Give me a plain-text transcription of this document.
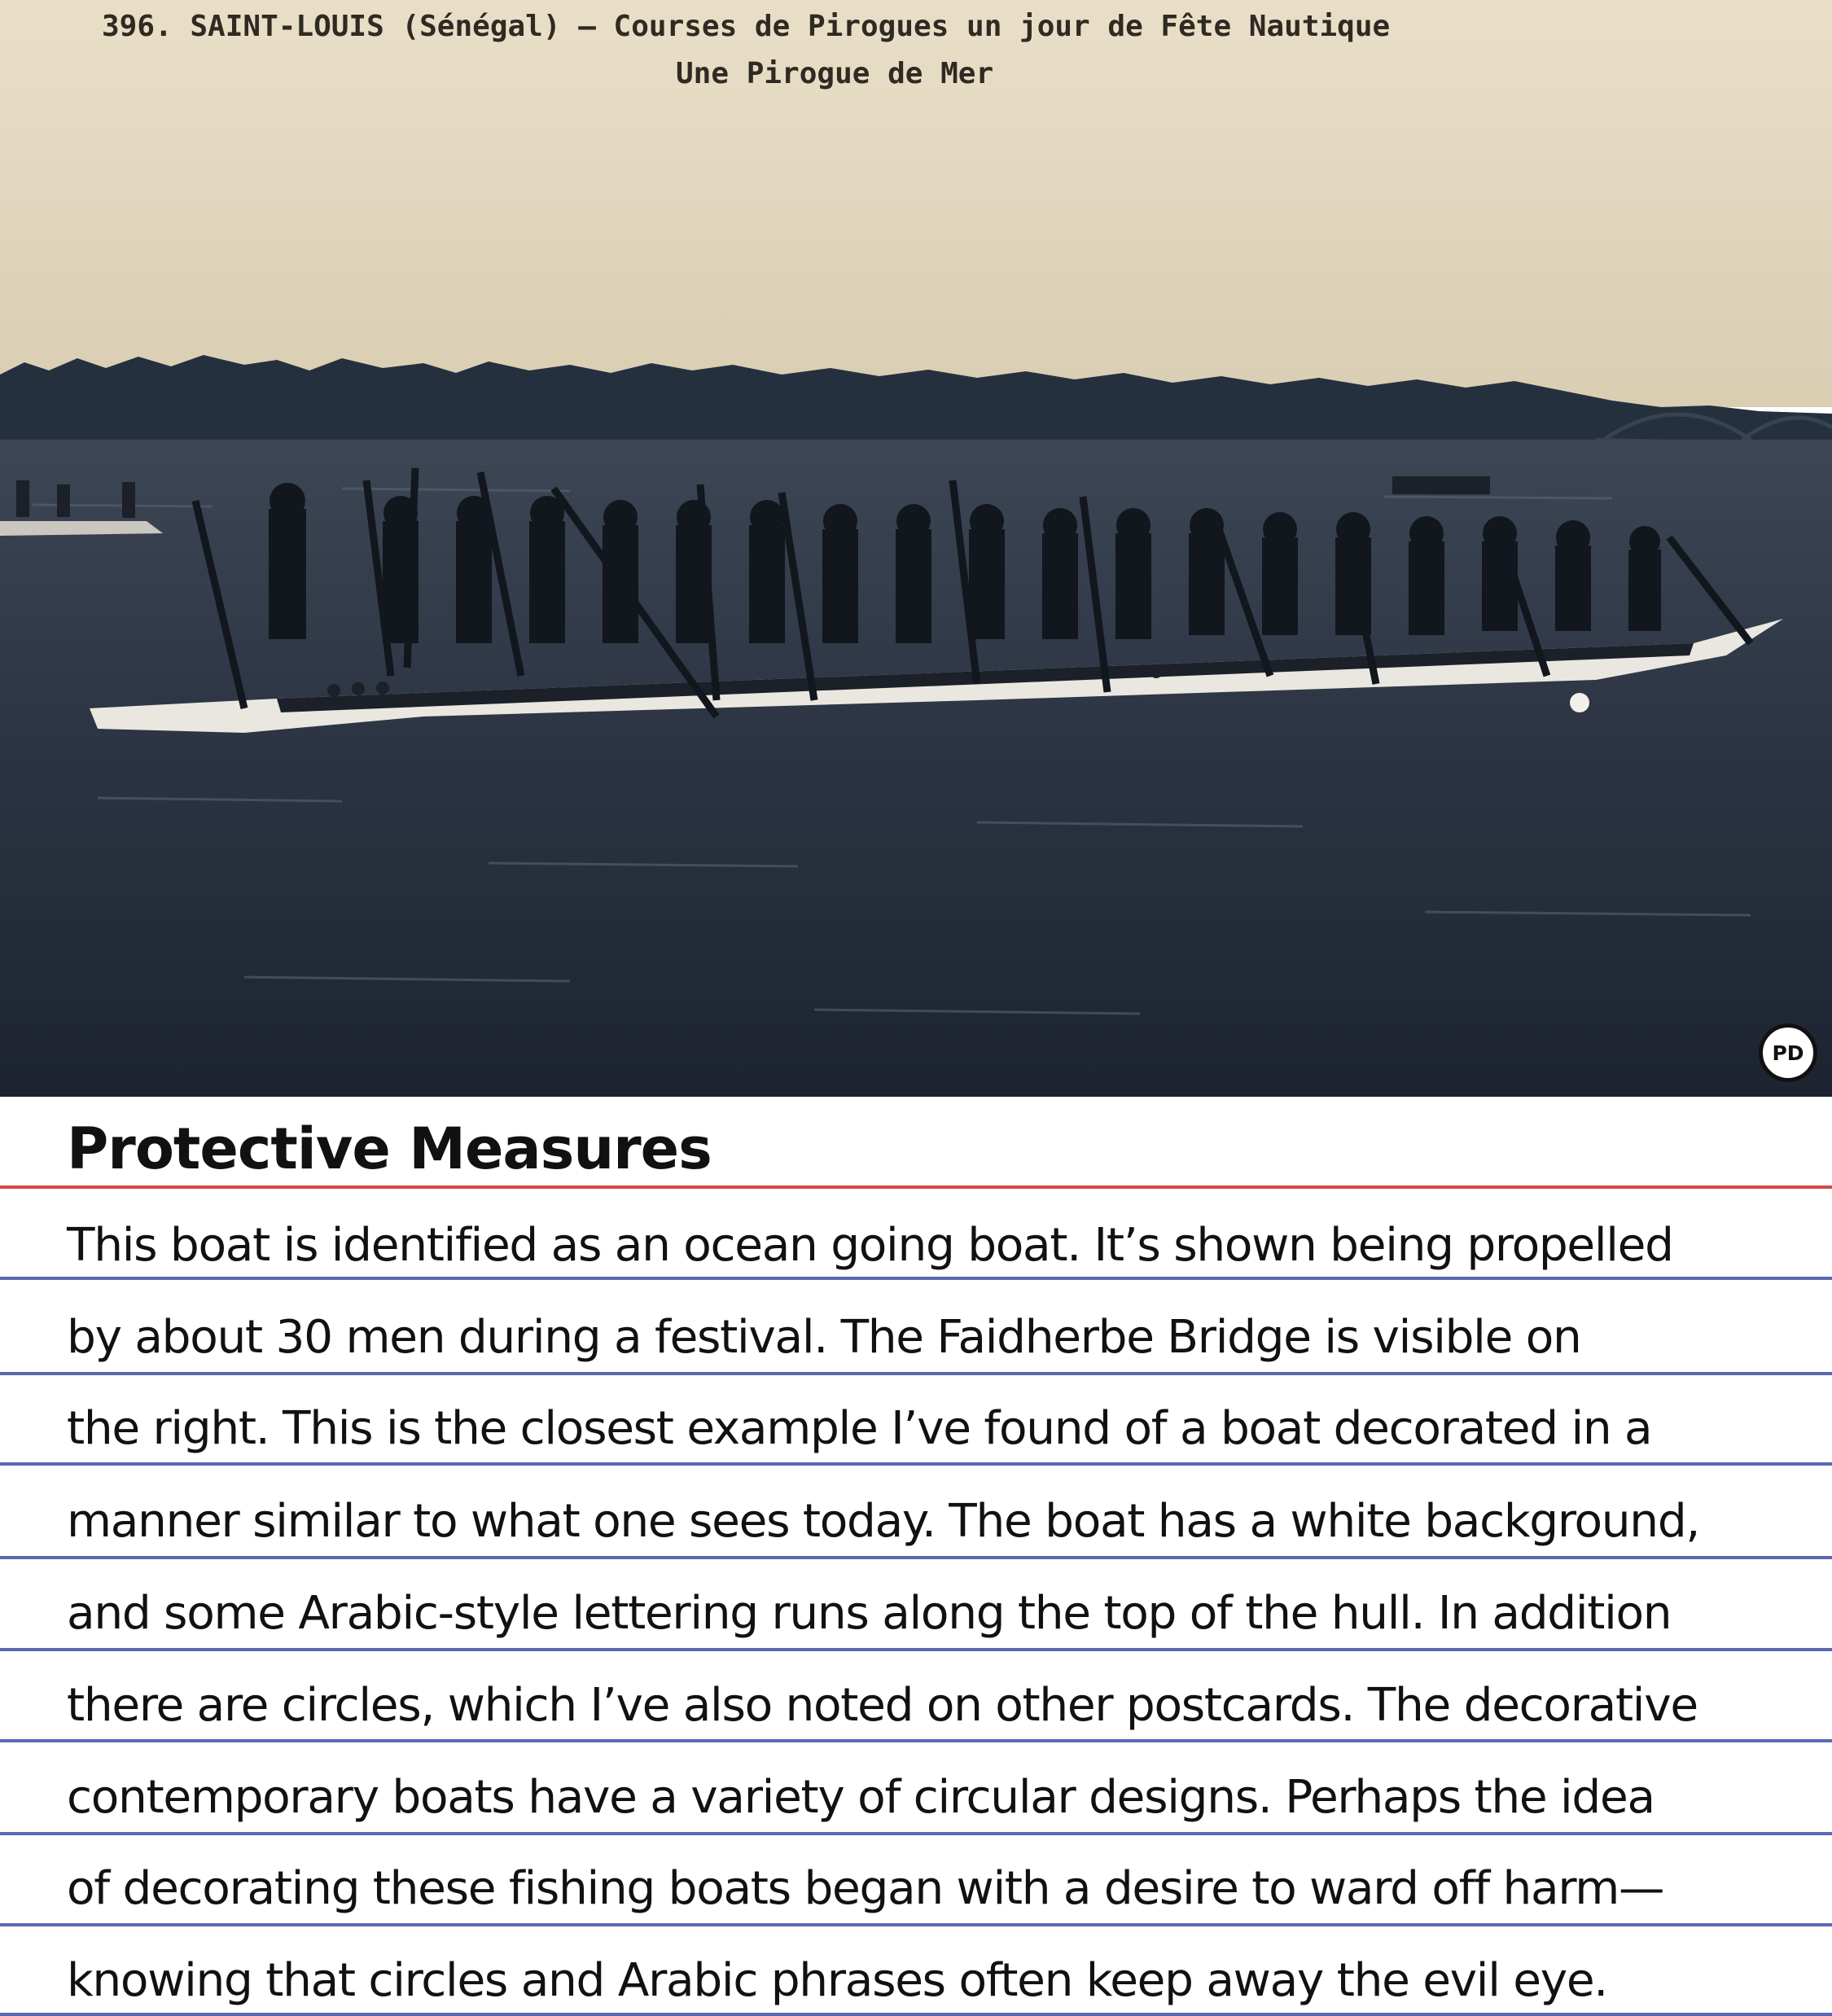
396. SAINT-LOUIS (Sénégal) — Courses de Pirogues un jour de Fête Nautique
Une Pirogue de Mer
PD
Protective Measures

This boat is identified as an ocean going boat. It’s shown being propelled

by about 30 men during a festival. The Faidherbe Bridge is visible on

the right. This is the closest example I’ve found of a boat decorated in a

manner similar to what one sees today. The boat has a white background,

and some Arabic-style lettering runs along the top of the hull. In addition

there are circles, which I’ve also noted on other postcards. The decorative

contemporary boats have a variety of circular designs. Perhaps the idea

of decorating these fishing boats began with a desire to ward off harm—

knowing that circles and Arabic phrases often keep away the evil eye.
